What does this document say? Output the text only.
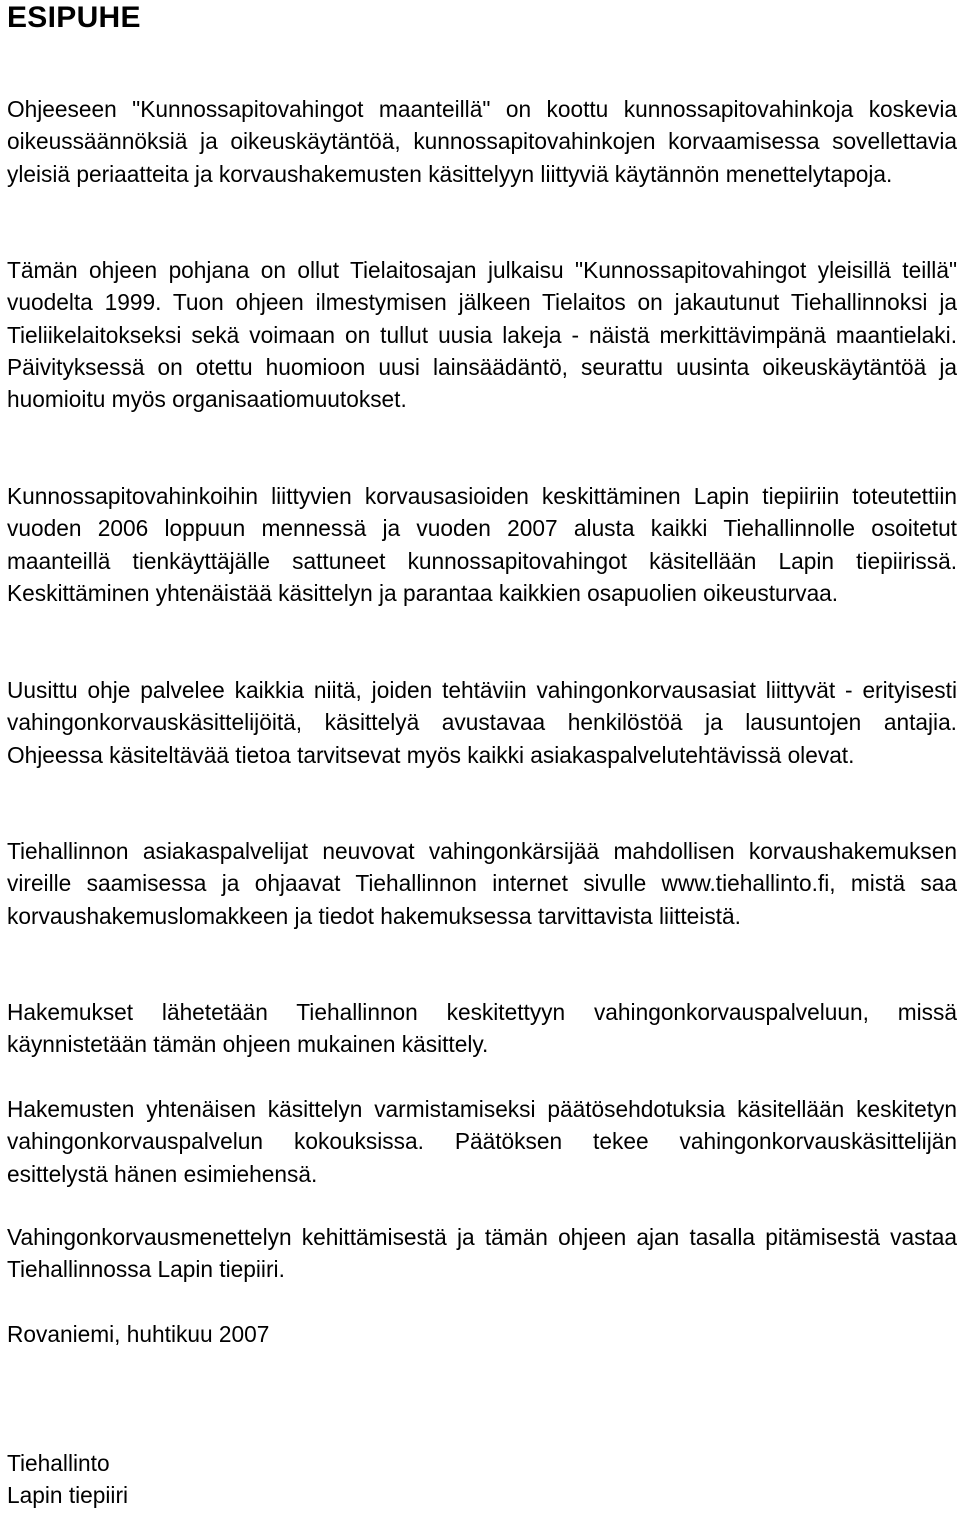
ESIPUHE

Ohjeeseen "Kunnossapitovahingot maanteillä" on koottu kunnossapitovahinkoja koskevia oikeussäännöksiä ja oikeuskäytäntöä, kunnossapitovahinkojen korvaamisessa sovellettavia yleisiä periaatteita ja korvaushakemusten käsittelyyn liittyviä käytännön menettelytapoja.

Tämän ohjeen pohjana on ollut Tielaitosajan julkaisu "Kunnossapitovahingot yleisillä teillä" vuodelta 1999. Tuon ohjeen ilmestymisen jälkeen Tielaitos on jakautunut Tiehallinnoksi ja Tieliikelaitokseksi sekä voimaan on tullut uusia lakeja - näistä merkittävimpänä maantielaki. Päivityksessä on otettu huomioon uusi lainsäädäntö, seurattu uusinta oikeuskäytäntöä ja huomioitu myös organisaatiomuutokset.

Kunnossapitovahinkoihin liittyvien korvausasioiden keskittäminen Lapin tiepiiriin toteutettiin vuoden 2006 loppuun mennessä ja vuoden 2007 alusta kaikki Tiehallinnolle osoitetut maanteillä tienkäyttäjälle sattuneet kunnossapitovahingot käsitellään Lapin tiepiirissä. Keskittäminen yhtenäistää käsittelyn ja parantaa kaikkien osapuolien oikeusturvaa.

Uusittu ohje palvelee kaikkia niitä, joiden tehtäviin vahingonkorvausasiat liittyvät - erityisesti vahingonkorvauskäsittelijöitä, käsittelyä avustavaa henkilöstöä ja lausuntojen antajia. Ohjeessa käsiteltävää tietoa tarvitsevat myös kaikki asiakaspalvelutehtävissä olevat.

Tiehallinnon asiakaspalvelijat neuvovat vahingonkärsijää mahdollisen korvaushakemuksen vireille saamisessa ja ohjaavat Tiehallinnon internet sivulle www.tiehallinto.fi, mistä saa korvaushakemuslomakkeen ja tiedot hakemuksessa tarvittavista liitteistä.

Hakemukset lähetetään Tiehallinnon keskitettyyn vahingonkorvauspalveluun, missä käynnistetään tämän ohjeen mukainen käsittely.

Hakemusten yhtenäisen käsittelyn varmistamiseksi päätösehdotuksia käsitellään keskitetyn vahingonkorvauspalvelun kokouksissa. Päätöksen tekee vahingonkorvauskäsittelijän esittelystä hänen esimiehensä.

Vahingonkorvausmenettelyn kehittämisestä ja tämän ohjeen ajan tasalla pitämisestä vastaa Tiehallinnossa Lapin tiepiiri.

Rovaniemi, huhtikuu 2007

Tiehallinto

Lapin tiepiiri
